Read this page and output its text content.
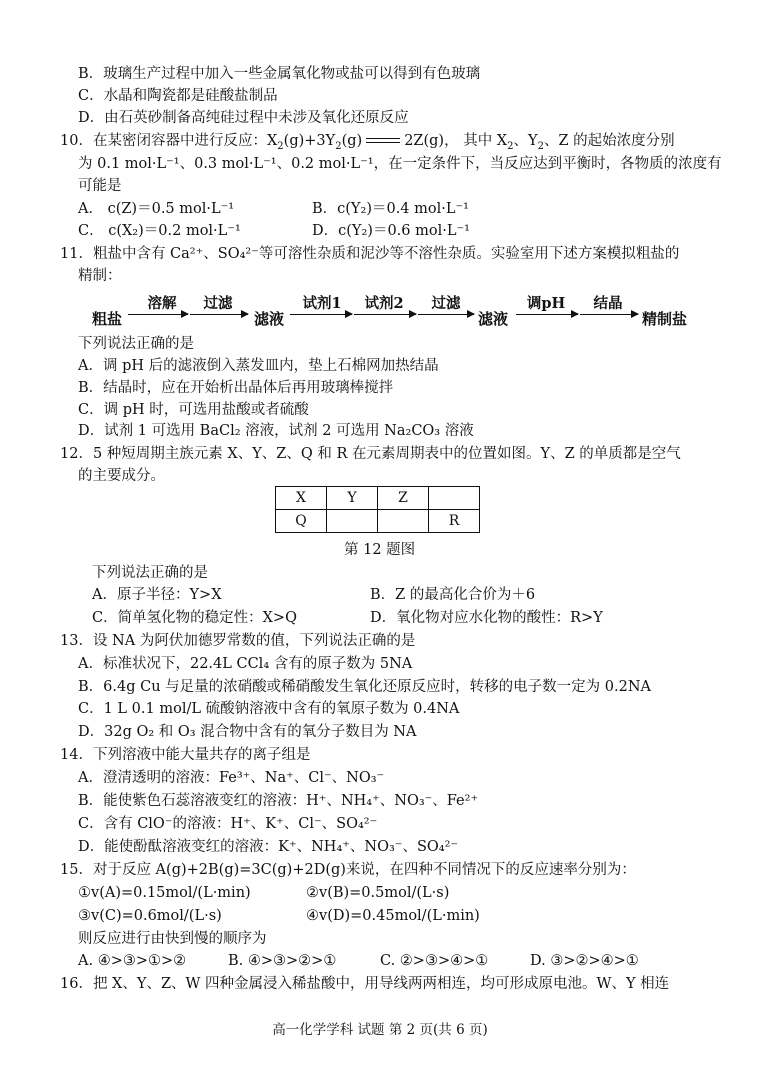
B．玻璃生产过程中加入一些金属氧化物或盐可以得到有色玻璃
C．水晶和陶瓷都是硅酸盐制品
D．由石英砂制备高纯硅过程中未涉及氧化还原反应
10．在某密闭容器中进行反应：$X_2(g)+3Y_2(g)$	2Z(g)， 其中 $X_2$、$Y_2$、Z 的起始浓度分别
为 0.1 mol·L⁻¹、0.3 mol·L⁻¹、0.2 mol·L⁻¹，在一定条件下，当反应达到平衡时，各物质的浓度有
可能是
A． c(Z)＝0.5 mol·L⁻¹	B．c(Y₂)＝0.4 mol·L⁻¹
C． c(X₂)＝0.2 mol·L⁻¹	D．c(Y₂)＝0.6 mol·L⁻¹
11．粗盐中含有 Ca²⁺、SO₄²⁻等可溶性杂质和泥沙等不溶性杂质。实验室用下述方案模拟粗盐的
精制：
粗盐
溶解	过滤
滤液
试剂1	试剂2	过滤
滤液
调pH	结晶
精制盐
下列说法正确的是
A．调 pH 后的滤液倒入蒸发皿内，垫上石棉网加热结晶
B．结晶时，应在开始析出晶体后再用玻璃棒搅拌
C．调 pH 时，可选用盐酸或者硫酸
D．试剂 1 可选用 BaCl₂ 溶液，试剂 2 可选用 Na₂CO₃ 溶液
12．5 种短周期主族元素 X、Y、Z、Q 和 R 在元素周期表中的位置如图。Y、Z 的单质都是空气
的主要成分。
X	Y	Z	
Q			R
第 12 题图
下列说法正确的是
A．原子半径：Y>X	B．Z 的最高化合价为＋6
C．简单氢化物的稳定性：X>Q	D．氧化物对应水化物的酸性：R>Y
13．设 NA 为阿伏加德罗常数的值，下列说法正确的是
A．标准状况下，22.4L CCl₄ 含有的原子数为 5NA
B．6.4g Cu 与足量的浓硝酸或稀硝酸发生氧化还原反应时，转移的电子数一定为 0.2NA
C．1 L 0.1 mol/L 硫酸钠溶液中含有的氧原子数为 0.4NA
D．32g O₂ 和 O₃ 混合物中含有的氧分子数目为 NA
14．下列溶液中能大量共存的离子组是
A．澄清透明的溶液：Fe³⁺、Na⁺、Cl⁻、NO₃⁻
B．能使紫色石蕊溶液变红的溶液：H⁺、NH₄⁺、NO₃⁻、Fe²⁺
C．含有 ClO⁻的溶液：H⁺、K⁺、Cl⁻、SO₄²⁻
D．能使酚酞溶液变红的溶液：K⁺、NH₄⁺、NO₃⁻、SO₄²⁻
15．对于反应 A(g)+2B(g)=3C(g)+2D(g)来说，在四种不同情况下的反应速率分别为：
①v(A)=0.15mol/(L·min)	②v(B)=0.5mol/(L·s)
③v(C)=0.6mol/(L·s)	④v(D)=0.45mol/(L·min)
则反应进行由快到慢的顺序为
A. ④>③>①>②	B. ④>③>②>①	C. ②>③>④>①	D. ③>②>④>①
16．把 X、Y、Z、W 四种金属浸入稀盐酸中，用导线两两相连，均可形成原电池。W、Y 相连
高一化学学科 试题 第 2 页(共 6 页)
